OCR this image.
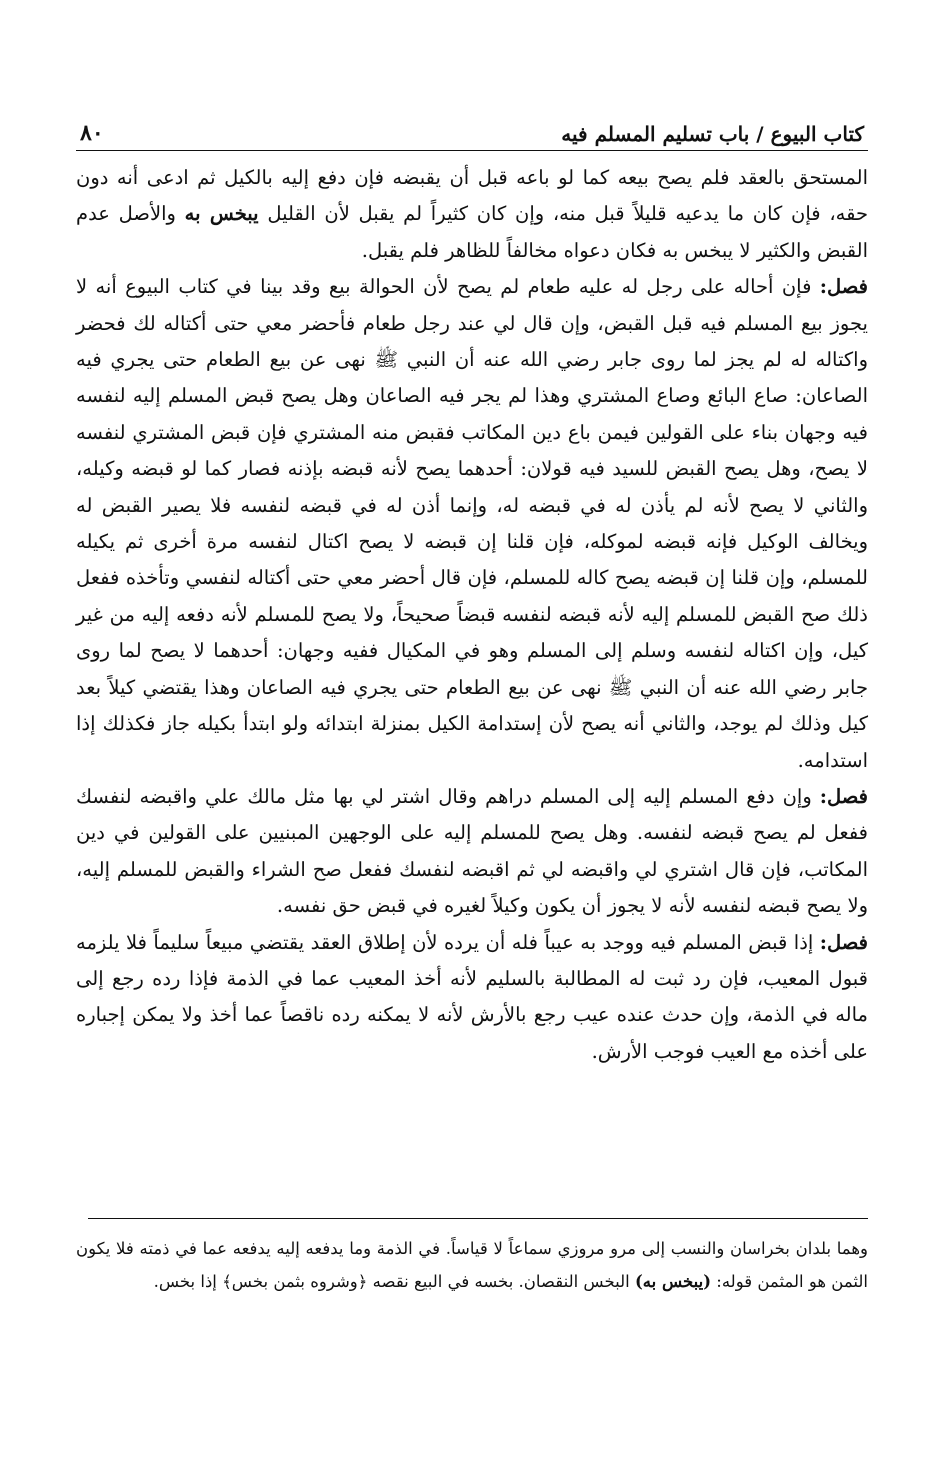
كتاب البيوع / باب تسليم المسلم فيه
٨٠

المستحق بالعقد فلم يصح بيعه كما لو باعه قبل أن يقبضه فإن دفع إليه بالكيل ثم ادعى أنه دون حقه، فإن كان ما يدعيه قليلاً قبل منه، وإن كان كثيراً لم يقبل لأن القليل يبخس به والأصل عدم القبض والكثير لا يبخس به فكان دعواه مخالفاً للظاهر فلم يقبل.

فصل: فإن أحاله على رجل له عليه طعام لم يصح لأن الحوالة بيع وقد بينا في كتاب البيوع أنه لا يجوز بيع المسلم فيه قبل القبض، وإن قال لي عند رجل طعام فأحضر معي حتى أكتاله لك فحضر واكتاله له لم يجز لما روى جابر رضي الله عنه أن النبي ﷺ نهى عن بيع الطعام حتى يجري فيه الصاعان: صاع البائع وصاع المشتري وهذا لم يجر فيه الصاعان وهل يصح قبض المسلم إليه لنفسه فيه وجهان بناء على القولين فيمن باع دين المكاتب فقبض منه المشتري فإن قبض المشتري لنفسه لا يصح، وهل يصح القبض للسيد فيه قولان: أحدهما يصح لأنه قبضه بإذنه فصار كما لو قبضه وكيله، والثاني لا يصح لأنه لم يأذن له في قبضه له، وإنما أذن له في قبضه لنفسه فلا يصير القبض له ويخالف الوكيل فإنه قبضه لموكله، فإن قلنا إن قبضه لا يصح اكتال لنفسه مرة أخرى ثم يكيله للمسلم، وإن قلنا إن قبضه يصح كاله للمسلم، فإن قال أحضر معي حتى أكتاله لنفسي وتأخذه ففعل ذلك صح القبض للمسلم إليه لأنه قبضه لنفسه قبضاً صحيحاً، ولا يصح للمسلم لأنه دفعه إليه من غير كيل، وإن اكتاله لنفسه وسلم إلى المسلم وهو في المكيال ففيه وجهان: أحدهما لا يصح لما روى جابر رضي الله عنه أن النبي ﷺ نهى عن بيع الطعام حتى يجري فيه الصاعان وهذا يقتضي كيلاً بعد كيل وذلك لم يوجد، والثاني أنه يصح لأن إستدامة الكيل بمنزلة ابتدائه ولو ابتدأ بكيله جاز فكذلك إذا استدامه.

فصل: وإن دفع المسلم إليه إلى المسلم دراهم وقال اشتر لي بها مثل مالك علي واقبضه لنفسك ففعل لم يصح قبضه لنفسه. وهل يصح للمسلم إليه على الوجهين المبنيين على القولين في دين المكاتب، فإن قال اشتري لي واقبضه لي ثم اقبضه لنفسك ففعل صح الشراء والقبض للمسلم إليه، ولا يصح قبضه لنفسه لأنه لا يجوز أن يكون وكيلاً لغيره في قبض حق نفسه.

فصل: إذا قبض المسلم فيه ووجد به عيباً فله أن يرده لأن إطلاق العقد يقتضي مبيعاً سليماً فلا يلزمه قبول المعيب، فإن رد ثبت له المطالبة بالسليم لأنه أخذ المعيب عما في الذمة فإذا رده رجع إلى ماله في الذمة، وإن حدث عنده عيب رجع بالأرش لأنه لا يمكنه رده ناقصاً عما أخذ ولا يمكن إجباره على أخذه مع العيب فوجب الأرش.

وهما بلدان بخراسان والنسب إلى مرو مروزي سماعاً لا قياساً. في الذمة وما يدفعه إليه يدفعه عما في ذمته فلا يكون الثمن هو المثمن قوله: (يبخس به) البخس النقصان. بخسه في البيع نقصه ﴿وشروه بثمن بخس﴾ إذا بخس.
